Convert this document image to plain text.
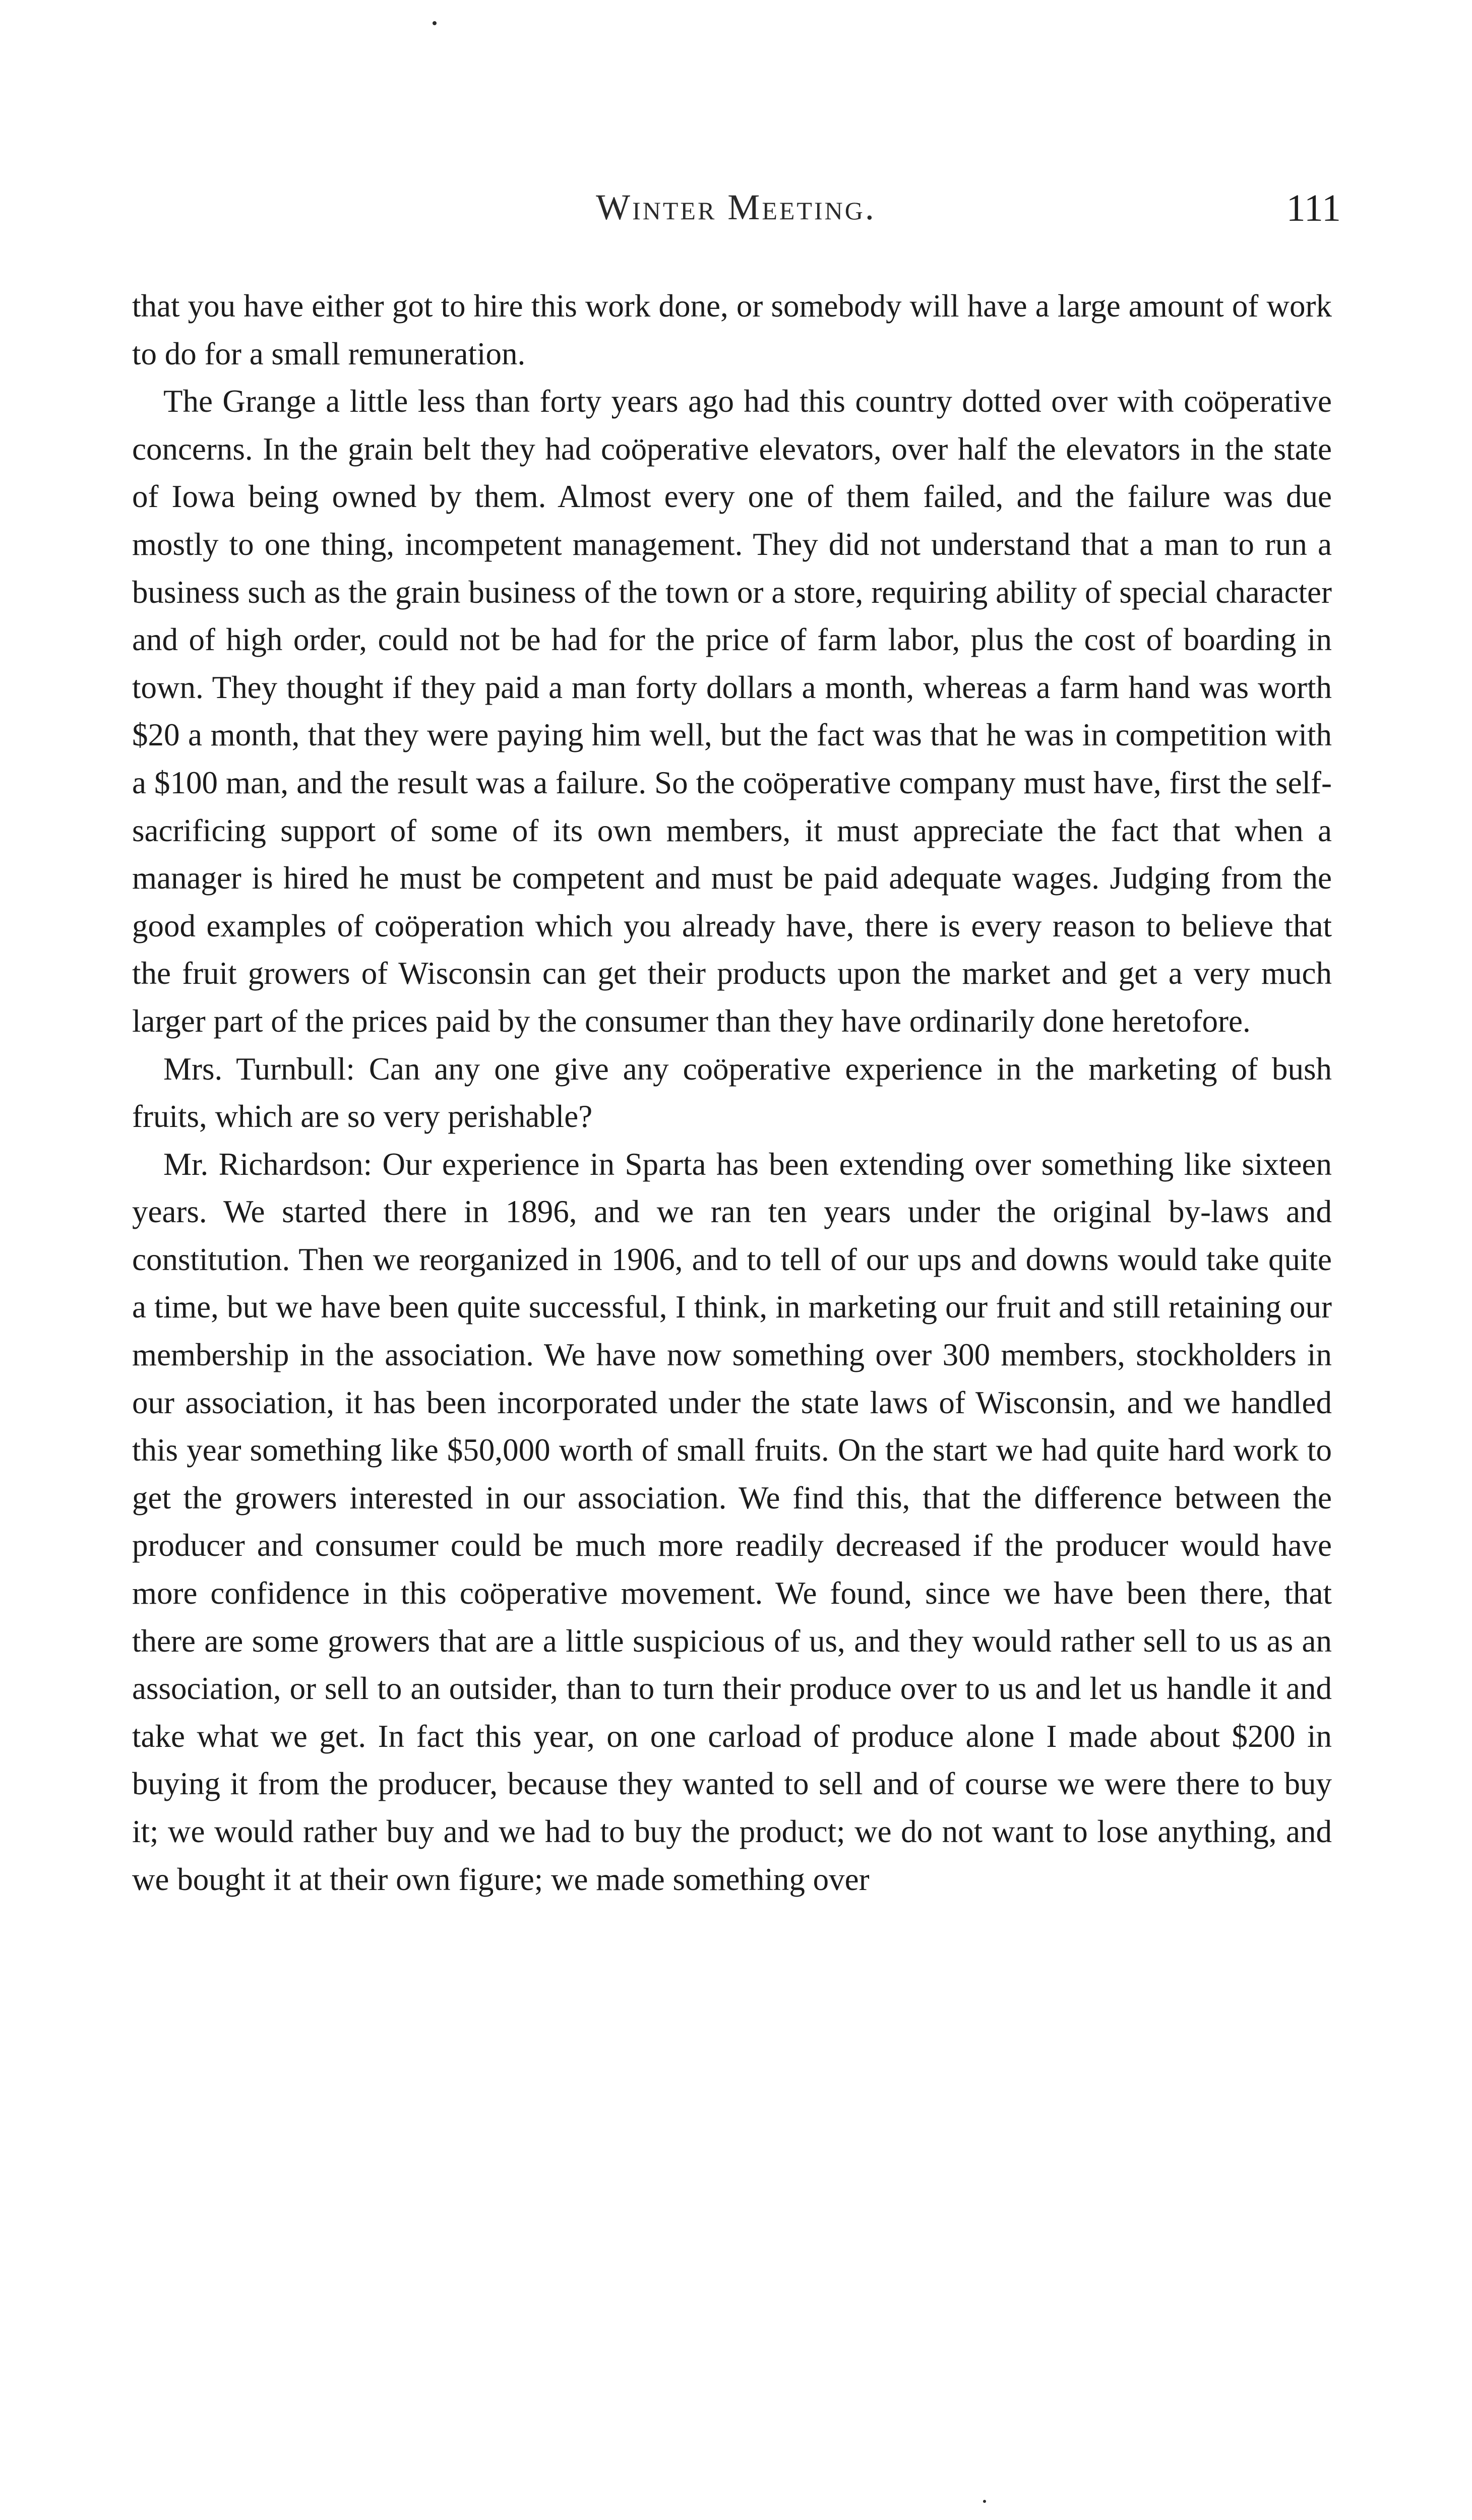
Winter Meeting.	111

that you have either got to hire this work done, or somebody will have a large amount of work to do for a small remuneration.

The Grange a little less than forty years ago had this country dotted over with coöperative concerns. In the grain belt they had coöperative elevators, over half the elevators in the state of Iowa being owned by them. Almost every one of them failed, and the failure was due mostly to one thing, incompetent management. They did not understand that a man to run a business such as the grain business of the town or a store, requiring ability of special character and of high order, could not be had for the price of farm labor, plus the cost of boarding in town. They thought if they paid a man forty dollars a month, whereas a farm hand was worth $20 a month, that they were paying him well, but the fact was that he was in competition with a $100 man, and the result was a failure. So the coöperative company must have, first the self-sacrificing support of some of its own members, it must appreciate the fact that when a manager is hired he must be competent and must be paid adequate wages. Judging from the good examples of coöperation which you already have, there is every reason to believe that the fruit growers of Wisconsin can get their products upon the market and get a very much larger part of the prices paid by the consumer than they have ordinarily done heretofore.

Mrs. Turnbull: Can any one give any coöperative experience in the marketing of bush fruits, which are so very perishable?

Mr. Richardson: Our experience in Sparta has been extending over something like sixteen years. We started there in 1896, and we ran ten years under the original by-laws and constitution. Then we reorganized in 1906, and to tell of our ups and downs would take quite a time, but we have been quite successful, I think, in marketing our fruit and still retaining our membership in the association. We have now something over 300 members, stockholders in our association, it has been incorporated under the state laws of Wisconsin, and we handled this year something like $50,000 worth of small fruits. On the start we had quite hard work to get the growers interested in our association. We find this, that the difference between the producer and consumer could be much more readily decreased if the producer would have more confidence in this coöperative movement. We found, since we have been there, that there are some growers that are a little suspicious of us, and they would rather sell to us as an association, or sell to an outsider, than to turn their produce over to us and let us handle it and take what we get. In fact this year, on one carload of produce alone I made about $200 in buying it from the producer, because they wanted to sell and of course we were there to buy it; we would rather buy and we had to buy the product; we do not want to lose anything, and we bought it at their own figure; we made something over
